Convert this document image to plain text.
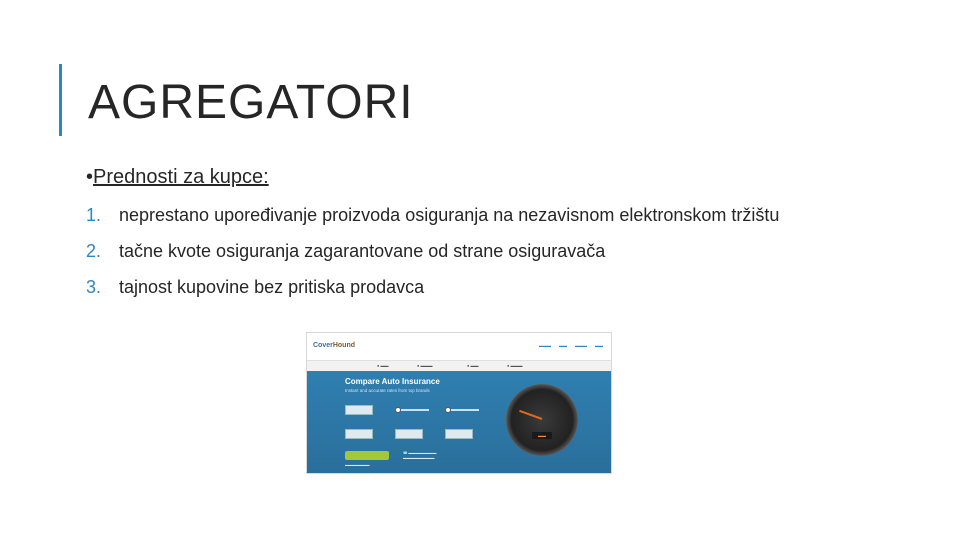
AGREGATORI
•Prednosti za kupce:
1. neprestano upoređivanje proizvoda osiguranja na nezavisnom elektronskom tržištu
2. tačne kvote osiguranja zagarantovane od strane osiguravača
3. tajnost kupovine bez pritiska prodavca
CoverHound	▬▬▬ ▬▬ ▬▬▬ ▬▬
● ▬▬	● ▬▬▬	● ▬▬	● ▬▬▬
Compare Auto Insurance
Instant and accurate rates from top brands
▬▬▬▬▬▬▬
☎ ▬▬▬▬▬▬▬▬
▬▬▬▬▬▬▬▬▬
▬▬
